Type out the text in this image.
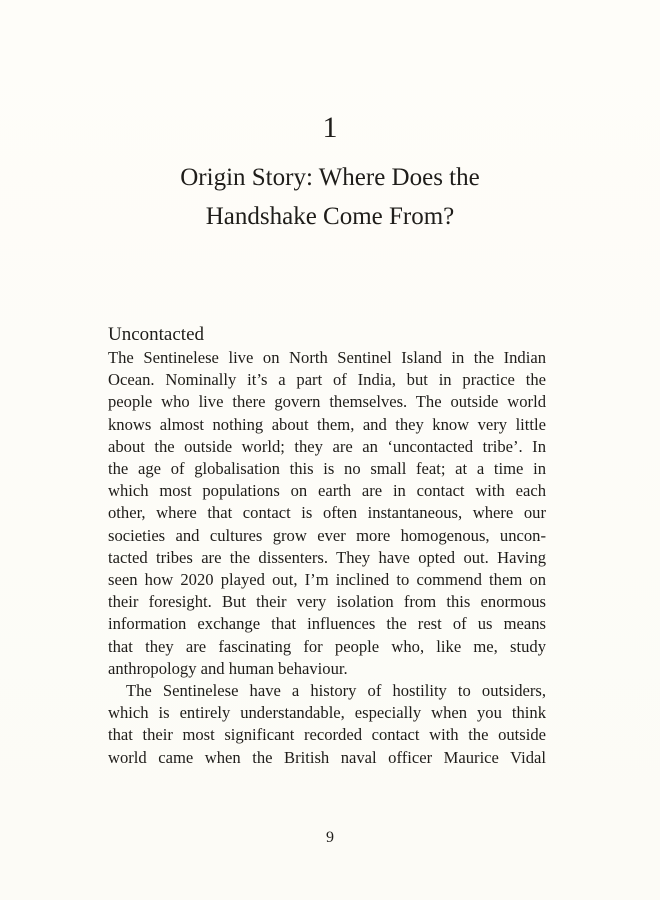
1
Origin Story: Where Does the
Handshake Come From?
Uncontacted
The Sentinelese live on North Sentinel Island in the Indian
Ocean. Nominally it’s a part of India, but in practice the
people who live there govern themselves. The outside world
knows almost nothing about them, and they know very little
about the outside world; they are an ‘uncontacted tribe’. In
the age of globalisation this is no small feat; at a time in
which most populations on earth are in contact with each
other, where that contact is often instantaneous, where our
societies and cultures grow ever more homogenous, uncon-
tacted tribes are the dissenters. They have opted out. Having
seen how 2020 played out, I’m inclined to commend them on
their foresight. But their very isolation from this enormous
information exchange that influences the rest of us means
that they are fascinating for people who, like me, study
anthropology and human behaviour.
The Sentinelese have a history of hostility to outsiders,
which is entirely understandable, especially when you think
that their most significant recorded contact with the outside
world came when the British naval officer Maurice Vidal
9
